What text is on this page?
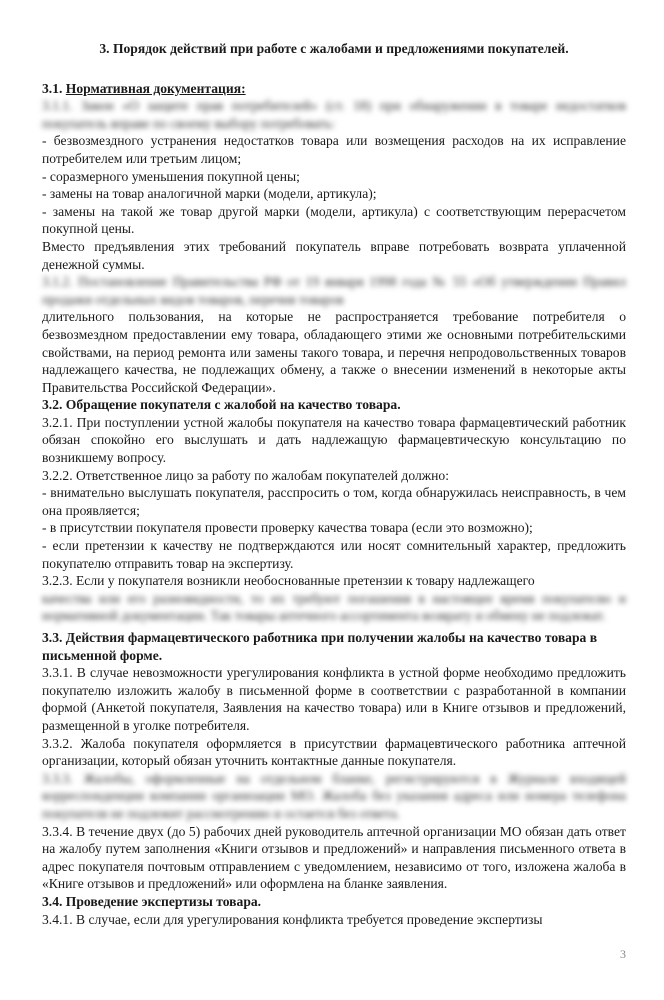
3. Порядок действий при работе с жалобами и предложениями покупателей.
3.1. Нормативная документация:

3.1.1. Закон «О защите прав потребителей» (ст. 18) при обнаружении в товаре недостатков покупатель вправе по своему выбору потребовать:

- безвозмездного устранения недостатков товара или возмещения расходов на их исправление потребителем или третьим лицом;

- соразмерного уменьшения покупной цены;

- замены на товар аналогичной марки (модели, артикула);

- замены на такой же товар другой марки (модели, артикула) с соответствующим перерасчетом покупной цены.

Вместо предъявления этих требований покупатель вправе потребовать возврата уплаченной денежной суммы.

3.1.2. Постановление Правительства РФ от 19 января 1998 года № 55 «Об утверждении Правил продажи отдельных видов товаров, перечня товаров

длительного пользования, на которые не распространяется требование потребителя о безвозмездном предоставлении ему товара, обладающего этими же основными потребительскими свойствами, на период ремонта или замены такого товара, и перечня непродовольственных товаров надлежащего качества, не подлежащих обмену, а также о внесении изменений в некоторые акты Правительства Российской Федерации».

3.2. Обращение покупателя с жалобой на качество товара.

3.2.1. При поступлении устной жалобы покупателя на качество товара фармацевтический работник обязан спокойно его выслушать и дать надлежащую фармацевтическую консультацию по возникшему вопросу.

3.2.2. Ответственное лицо за работу по жалобам покупателей должно:

- внимательно выслушать покупателя, расспросить о том, когда обнаружилась неисправность, в чем она проявляется;

- в присутствии покупателя провести проверку качества товара (если это возможно);

- если претензии к качеству не подтверждаются или носят сомнительный характер, предложить покупателю отправить товар на экспертизу.

3.2.3. Если у покупателя возникли необоснованные претензии к товару надлежащего

качества или его разновидности, то их требуют погашения в настоящее время покупателю и нормативной документации. Так товары аптечного ассортимента возврату и обмену не подлежат.

3.3. Действия фармацевтического работника при получении жалобы на качество товара в письменной форме.

3.3.1. В случае невозможности урегулирования конфликта в устной форме необходимо предложить покупателю изложить жалобу в письменной форме в соответствии с разработанной в компании формой (Анкетой покупателя, Заявления на качество товара) или в Книге отзывов и предложений, размещенной в уголке потребителя.

3.3.2. Жалоба покупателя оформляется в присутствии фармацевтического работника аптечной организации, который обязан уточнить контактные данные покупателя.

3.3.3. Жалобы, оформленные на отдельном бланке, регистрируются в Журнале входящей корреспонденции компании организации МО. Жалоба без указания адреса или номера телефона покупателя не подлежит рассмотрению и остается без ответа.

3.3.4. В течение двух (до 5) рабочих дней руководитель аптечной организации МО обязан дать ответ на жалобу путем заполнения «Книги отзывов и предложений» и направления письменного ответа в адрес покупателя почтовым отправлением с уведомлением, независимо от того, изложена жалоба в «Книге отзывов и предложений» или оформлена на бланке заявления.

3.4. Проведение экспертизы товара.

3.4.1. В случае, если для урегулирования конфликта требуется проведение экспертизы

3
